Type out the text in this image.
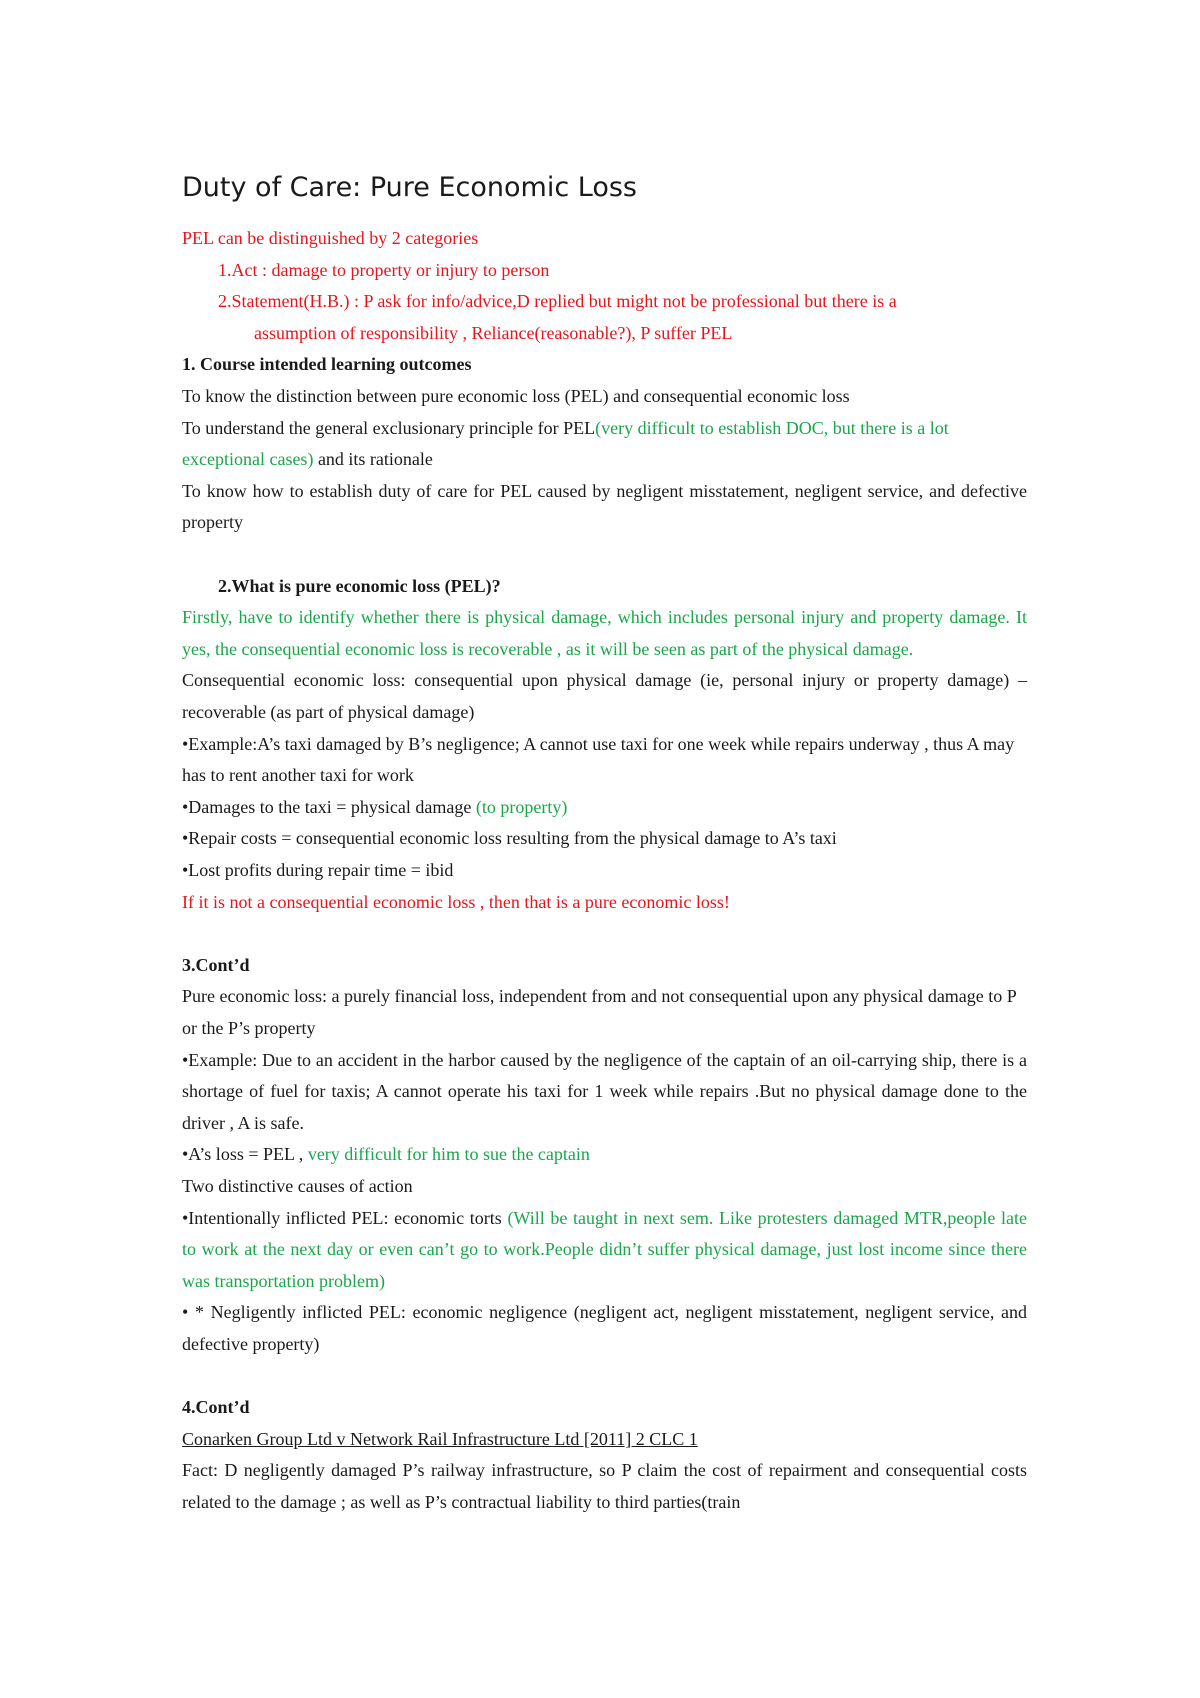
Duty of Care: Pure Economic Loss

PEL can be distinguished by 2 categories

1.Act : damage to property or injury to person

2.Statement(H.B.) : P ask for info/advice,D replied but might not be professional but there is a

assumption of responsibility , Reliance(reasonable?), P suffer PEL

1. Course intended learning outcomes

To know the distinction between pure economic loss (PEL) and consequential economic loss

To understand the general exclusionary principle for PEL(very difficult to establish DOC, but there is a lot exceptional cases) and its rationale

To know how to establish duty of care for PEL caused by negligent misstatement, negligent service, and defective property

2.What is pure economic loss (PEL)?

Firstly, have to identify whether there is physical damage, which includes personal injury and property damage. It yes, the consequential economic loss is recoverable , as it will be seen as part of the physical damage.

Consequential economic loss: consequential upon physical damage (ie, personal injury or property damage) –recoverable (as part of physical damage)

•Example:A’s taxi damaged by B’s negligence; A cannot use taxi for one week while repairs underway , thus A may has to rent another taxi for work

•Damages to the taxi = physical damage (to property)

•Repair costs = consequential economic loss resulting from the physical damage to A’s taxi

•Lost profits during repair time = ibid

If it is not a consequential economic loss , then that is a pure economic loss!

3.Cont’d

Pure economic loss: a purely financial loss, independent from and not consequential upon any physical damage to P or the P’s property

•Example: Due to an accident in the harbor caused by the negligence of the captain of an oil-carrying ship, there is a shortage of fuel for taxis; A cannot operate his taxi for 1 week while repairs .But no physical damage done to the driver , A is safe.

•A’s loss = PEL , very difficult for him to sue the captain

Two distinctive causes of action

•Intentionally inflicted PEL: economic torts (Will be taught in next sem. Like protesters damaged MTR,people late to work at the next day or even can’t go to work.People didn’t suffer physical damage, just lost income since there was transportation problem)

• * Negligently inflicted PEL: economic negligence (negligent act, negligent misstatement, negligent service, and defective property)

4.Cont’d

Conarken Group Ltd v Network Rail Infrastructure Ltd [2011] 2 CLC 1

Fact: D negligently damaged P’s railway infrastructure, so P claim the cost of repairment and consequential costs related to the damage ; as well as P’s contractual liability to third parties(train
